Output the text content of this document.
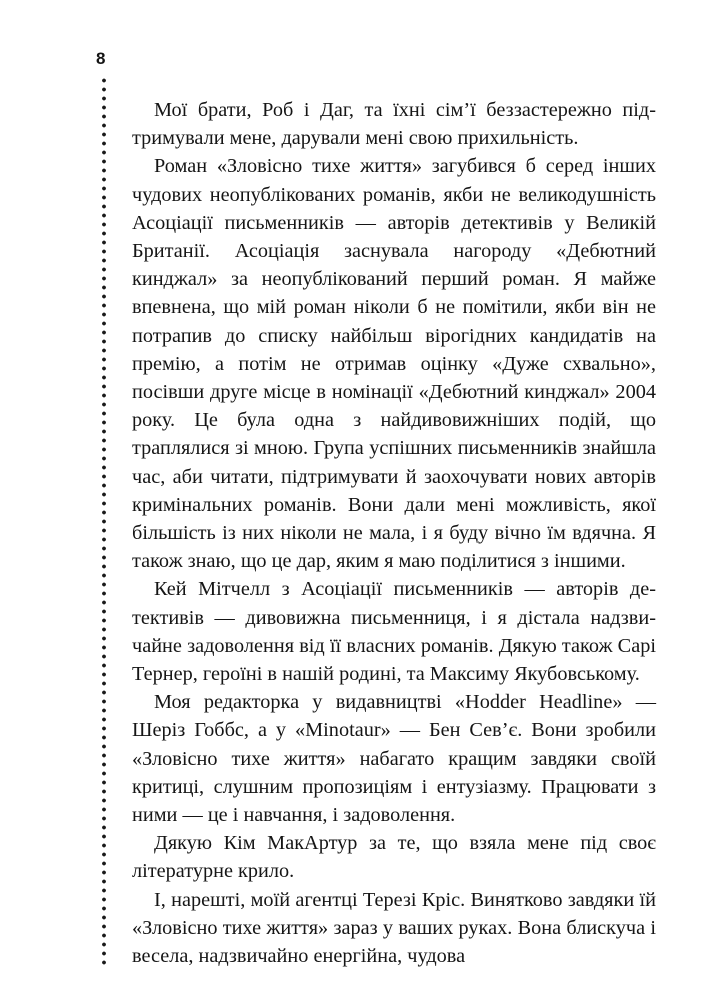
8

Мої брати, Роб і Даг, та їхні сім’ї беззастережно підтримували мене, дарували мені свою прихильність.

Роман «Зловісно тихе життя» загубився б серед інших чудових неопублікованих романів, якби не великодушність Асоціації письменників — авторів детективів у Великій Британії. Асоціація заснувала нагороду «Дебютний кинджал» за неопублікований перший роман. Я майже впевнена, що мій роман ніколи б не помітили, якби він не потрапив до списку найбільш вірогідних кандидатів на премію, а потім не отримав оцінку «Дуже схвально», посівши друге місце в номінації «Дебютний кинджал» 2004 року. Це була одна з найдивовижніших подій, що траплялися зі мною. Група успішних письменників знайшла час, аби читати, підтримувати й заохочувати нових авторів кримінальних романів. Вони дали мені можливість, якої більшість із них ніколи не мала, і я буду вічно їм вдячна. Я також знаю, що це дар, яким я маю поділитися з іншими.

Кей Мітчелл з Асоціації письменників — авторів детективів — дивовижна письменниця, і я дістала надзвичайне задоволення від її власних романів. Дякую також Сарі Тернер, героїні в нашій родині, та Максиму Якубовському.

Моя редакторка у видавництві «Hodder Headline» — Шеріз Гоббс, а у «Minotaur» — Бен Сев’є. Вони зробили «Зловісно тихе життя» набагато кращим завдяки своїй критиці, слушним пропозиціям і ентузіазму. Працювати з ними — це і навчання, і задоволення.

Дякую Кім МакАртур за те, що взяла мене під своє літературне крило.

І, нарешті, моїй агентці Терезі Кріс. Винятково завдяки їй «Зловісно тихе життя» зараз у ваших руках. Вона блискуча і весела, надзвичайно енергійна, чудова
